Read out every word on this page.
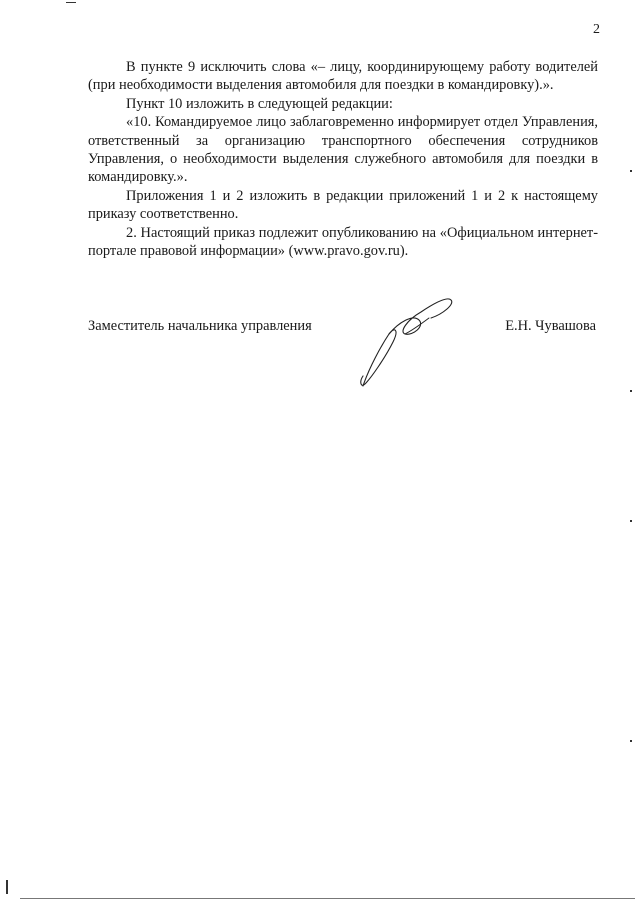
2

В пункте 9 исключить слова «– лицу, координирующему работу водителей (при необходимости выделения автомобиля для поездки в командировку).».

Пункт 10 изложить в следующей редакции:

«10. Командируемое лицо заблаговременно информирует отдел Управления, ответственный за организацию транспортного обеспечения сотрудников Управления, о необходимости выделения служебного автомобиля для поездки в командировку.».

Приложения 1 и 2 изложить в редакции приложений 1 и 2 к настоящему приказу соответственно.

2. Настоящий приказ подлежит опубликованию на «Официальном интернет-портале правовой информации» (www.pravo.gov.ru).

Заместитель начальника управления	Е.Н. Чувашова
